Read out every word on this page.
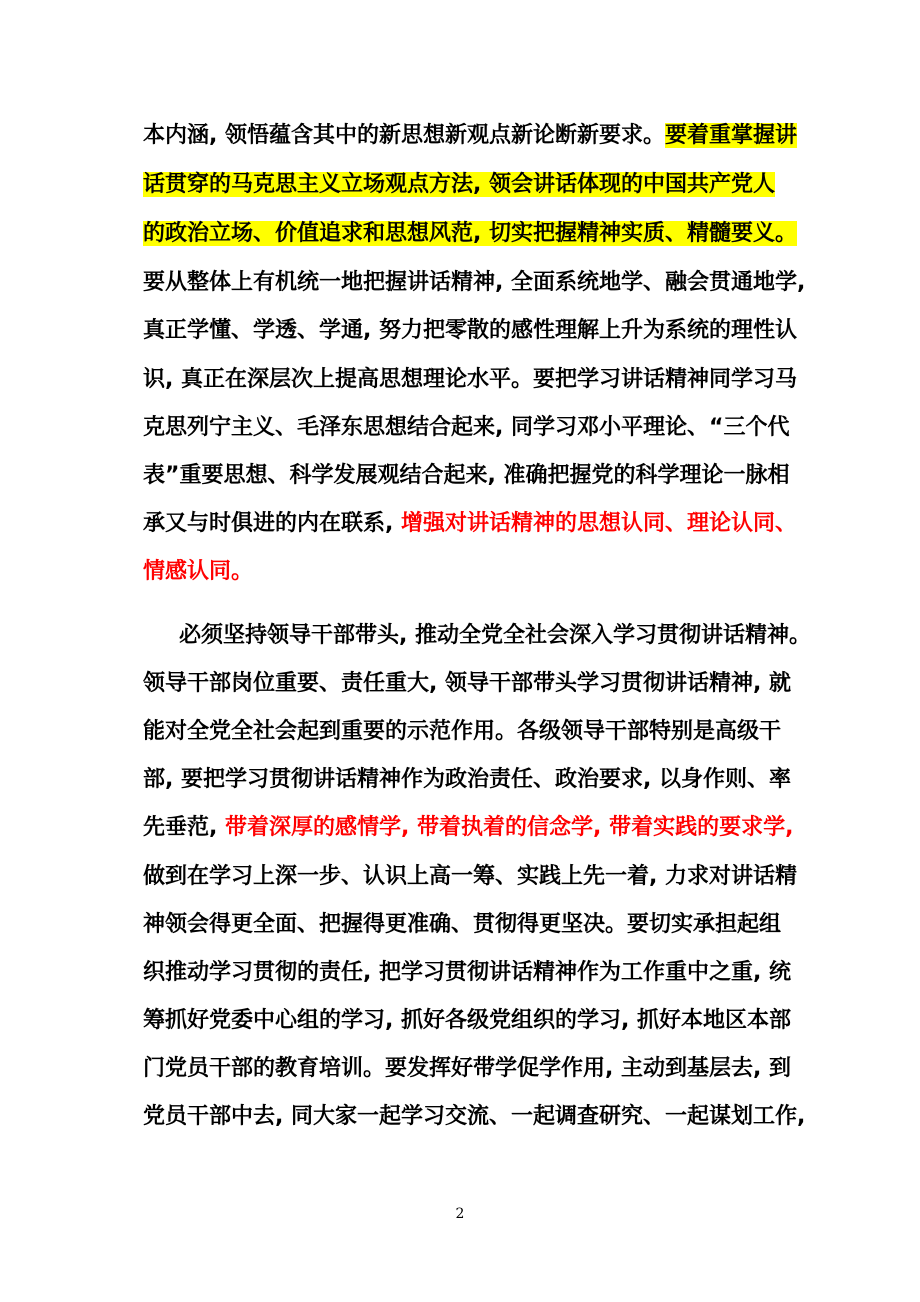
本内涵, 领悟蕴含其中的新思想新观点新论断新要求。要着重掌握讲
话贯穿的马克思主义立场观点方法, 领会讲话体现的中国共产党人
的政治立场、价值追求和思想风范, 切实把握精神实质、精髓要义。
要从整体上有机统一地把握讲话精神, 全面系统地学、融会贯通地学,
真正学懂、学透、学通, 努力把零散的感性理解上升为系统的理性认
识, 真正在深层次上提高思想理论水平。要把学习讲话精神同学习马
克思列宁主义、毛泽东思想结合起来, 同学习邓小平理论、“三个代
表”重要思想、科学发展观结合起来, 准确把握党的科学理论一脉相
承又与时俱进的内在联系, 增强对讲话精神的思想认同、理论认同、
情感认同。
必须坚持领导干部带头, 推动全党全社会深入学习贯彻讲话精神。
领导干部岗位重要、责任重大, 领导干部带头学习贯彻讲话精神, 就
能对全党全社会起到重要的示范作用。各级领导干部特别是高级干
部, 要把学习贯彻讲话精神作为政治责任、政治要求, 以身作则、率
先垂范, 带着深厚的感情学, 带着执着的信念学, 带着实践的要求学,
做到在学习上深一步、认识上高一筹、实践上先一着, 力求对讲话精
神领会得更全面、把握得更准确、贯彻得更坚决。要切实承担起组
织推动学习贯彻的责任, 把学习贯彻讲话精神作为工作重中之重, 统
筹抓好党委中心组的学习, 抓好各级党组织的学习, 抓好本地区本部
门党员干部的教育培训。要发挥好带学促学作用, 主动到基层去, 到
党员干部中去, 同大家一起学习交流、一起调查研究、一起谋划工作,
2
